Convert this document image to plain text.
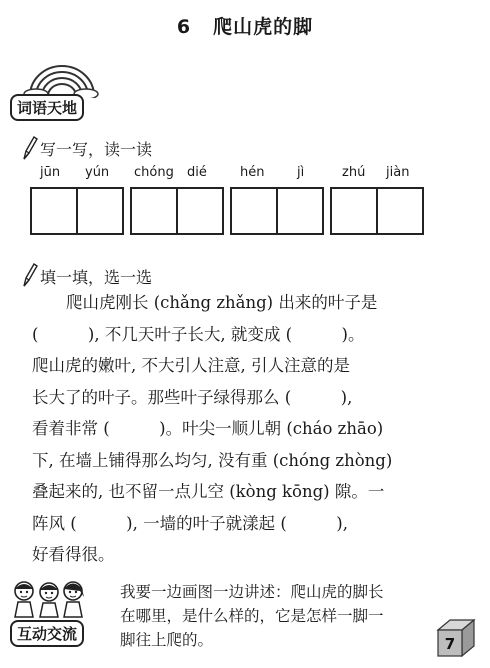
6 爬山虎的脚
词语天地
写一写，读一读
jūn yún chóng dié	hén	jì	zhú jiàn
填一填，选一选
爬山虎刚长 (chǎng zhǎng) 出来的叶子是
(　　　), 不几天叶子长大, 就变成 (　　　)。
爬山虎的嫩叶, 不大引人注意, 引人注意的是
长大了的叶子。那些叶子绿得那么 (　　　),
看着非常 (　　　)。叶尖一顺儿朝 (cháo zhāo)
下, 在墙上铺得那么均匀, 没有重 (chóng zhòng)
叠起来的, 也不留一点儿空 (kòng kōng) 隙。一
阵风 (　　　), 一墙的叶子就漾起 (　　　),
好看得很。
互动交流
我要一边画图一边讲述：爬山虎的脚长
在哪里，是什么样的，它是怎样一脚一
脚往上爬的。	7
